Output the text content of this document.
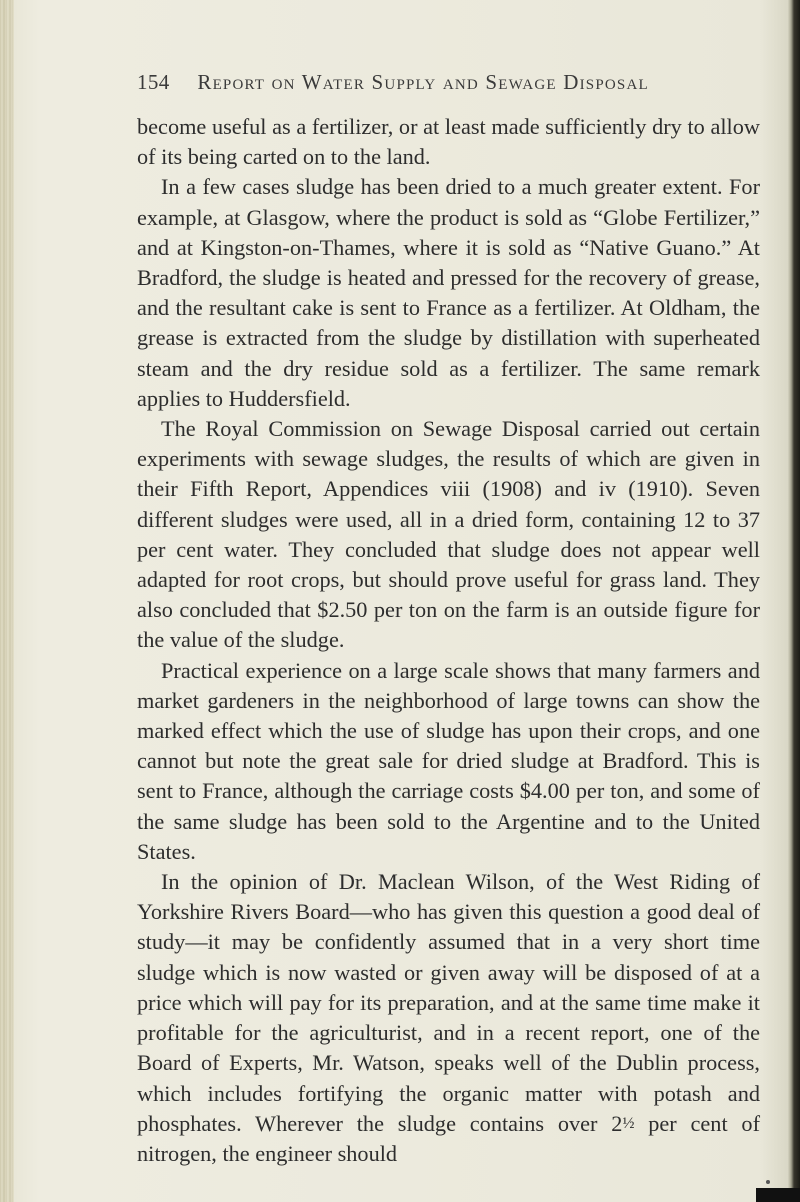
154 Report on Water Supply and Sewage Disposal

become useful as a fertilizer, or at least made sufficiently dry to allow of its being carted on to the land.

In a few cases sludge has been dried to a much greater extent. For example, at Glasgow, where the product is sold as “Globe Fertilizer,” and at Kingston-on-Thames, where it is sold as “Native Guano.” At Bradford, the sludge is heated and pressed for the recovery of grease, and the resultant cake is sent to France as a fertilizer. At Oldham, the grease is extracted from the sludge by distillation with superheated steam and the dry residue sold as a fertilizer. The same remark applies to Huddersfield.

The Royal Commission on Sewage Disposal carried out certain experiments with sewage sludges, the results of which are given in their Fifth Report, Appendices viii (1908) and iv (1910). Seven different sludges were used, all in a dried form, containing 12 to 37 per cent water. They concluded that sludge does not appear well adapted for root crops, but should prove useful for grass land. They also concluded that $2.50 per ton on the farm is an outside figure for the value of the sludge.

Practical experience on a large scale shows that many farmers and market gardeners in the neighborhood of large towns can show the marked effect which the use of sludge has upon their crops, and one cannot but note the great sale for dried sludge at Bradford. This is sent to France, although the carriage costs $4.00 per ton, and some of the same sludge has been sold to the Argentine and to the United States.

In the opinion of Dr. Maclean Wilson, of the West Riding of Yorkshire Rivers Board—who has given this question a good deal of study—it may be confidently assumed that in a very short time sludge which is now wasted or given away will be disposed of at a price which will pay for its preparation, and at the same time make it profitable for the agriculturist, and in a recent report, one of the Board of Experts, Mr. Watson, speaks well of the Dublin process, which includes fortifying the organic matter with potash and phosphates. Wherever the sludge contains over 2½ per cent of nitrogen, the engineer should
